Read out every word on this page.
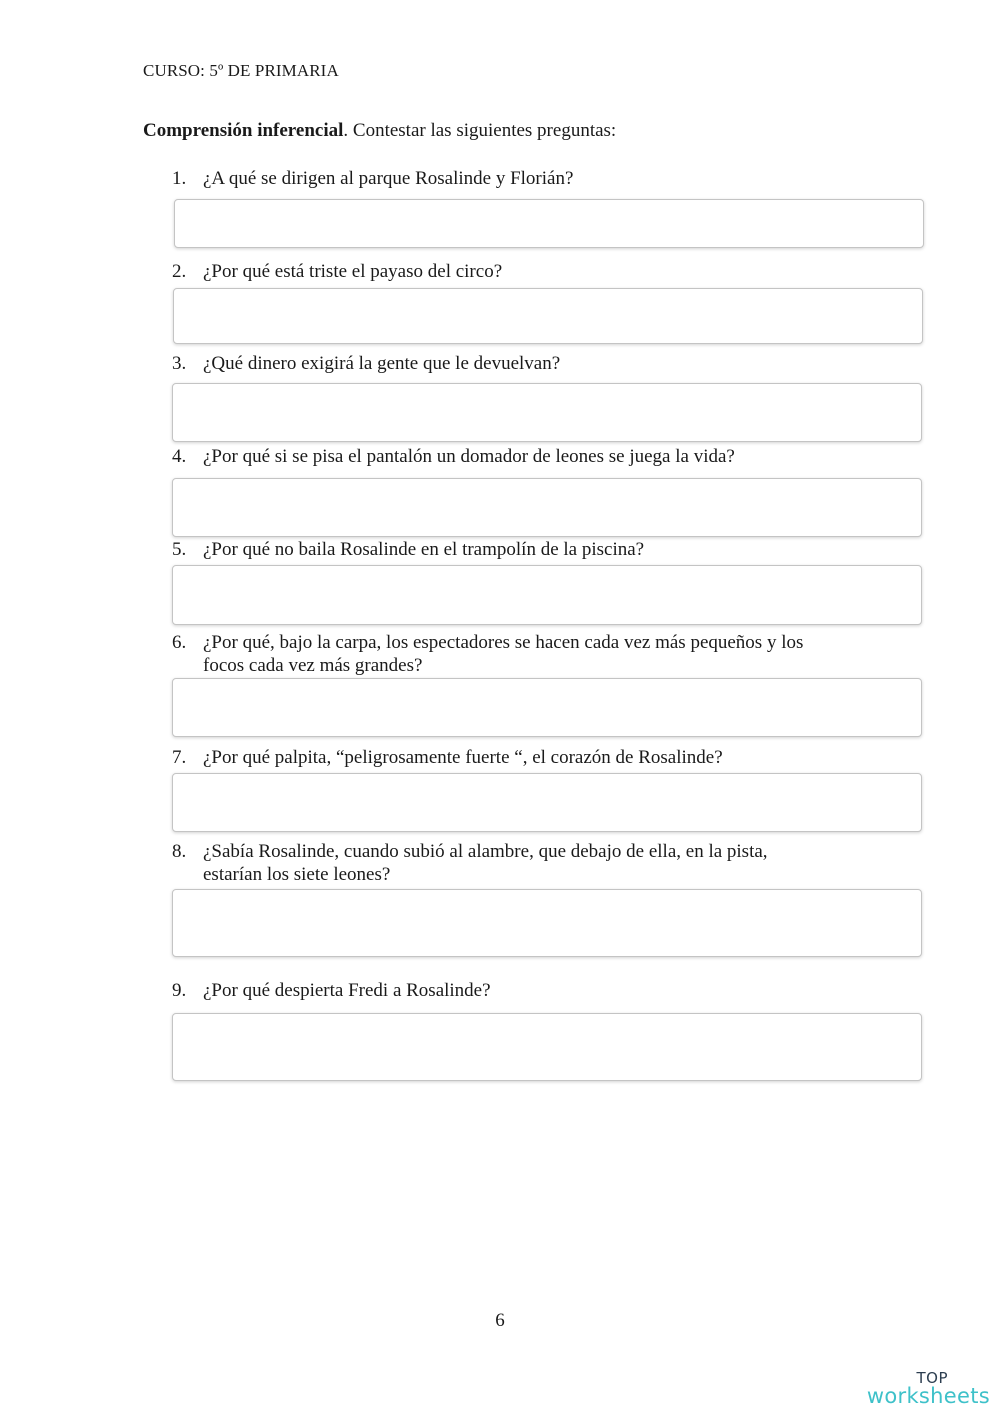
CURSO: 5º DE PRIMARIA
Comprensión inferencial. Contestar las siguientes preguntas:
1. ¿A qué se dirigen al parque Rosalinde y Florián?
2. ¿Por qué está triste el payaso del circo?
3. ¿Qué dinero exigirá la gente que le devuelvan?
4. ¿Por qué si se pisa el pantalón un domador de leones se juega la vida?
5. ¿Por qué no baila Rosalinde en el trampolín de la piscina?
6. ¿Por qué, bajo la carpa, los espectadores se hacen cada vez más pequeños y los
focos cada vez más grandes?
7. ¿Por qué palpita, “peligrosamente fuerte “, el corazón de Rosalinde?
8. ¿Sabía Rosalinde, cuando subió al alambre, que debajo de ella, en la pista,
estarían los siete leones?
9. ¿Por qué despierta Fredi a Rosalinde?
6
TOP
worksheets
